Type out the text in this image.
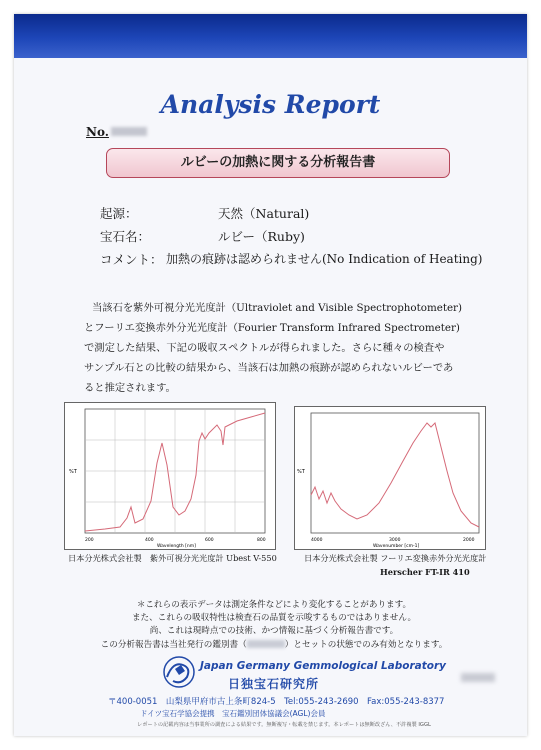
Analysis Report
No.
ルビーの加熱に関する分析報告書
起源：	天然（Natural)
宝石名：	ルビー（Ruby)
コメント： 加熱の痕跡は認められません(No Indication of Heating)
当該石を紫外可視分光光度計（Ultraviolet and Visible Spectrophotometer)
とフーリエ変換赤外分光光度計（Fourier Transform Infrared Spectrometer)
で測定した結果、下記の吸収スペクトルが得られました。さらに種々の検査や
サンプル石との比較の結果から、当該石は加熱の痕跡が認められないルビーであ
ると推定されます。
%T
200	400	600	800
Wavelength [nm]
日本分光株式会社製　紫外可視分光光度計 Ubest V-550
%T
4000	3000	2000
Wavenumber [cm-1]
日本分光株式会社製 フーリエ変換赤外分光光度計
Herscher FT-IR 410
＊これらの表示データは測定条件などにより変化することがあります。
また、これらの吸収特性は検査石の品質を示唆するものではありません。
尚、これは現時点での技術、かつ情報に基づく分析報告書です。
この分析報告書は当社発行の鑑別書（	）とセットの状態でのみ有効となります。
Japan Germany Gemmological Laboratory
日独宝石研究所
〒400-0051　山梨県甲府市古上条町824-5　Tel:055-243-2690　Fax:055-243-8377
ドイツ宝石学協会提携　宝石鑑別団体協議会(AGL)会員
レポートの記載内容は当事業所の調査による結果です。無断複写・転載を禁じます。本レポートは無断改ざん、不許複製 IGGL
